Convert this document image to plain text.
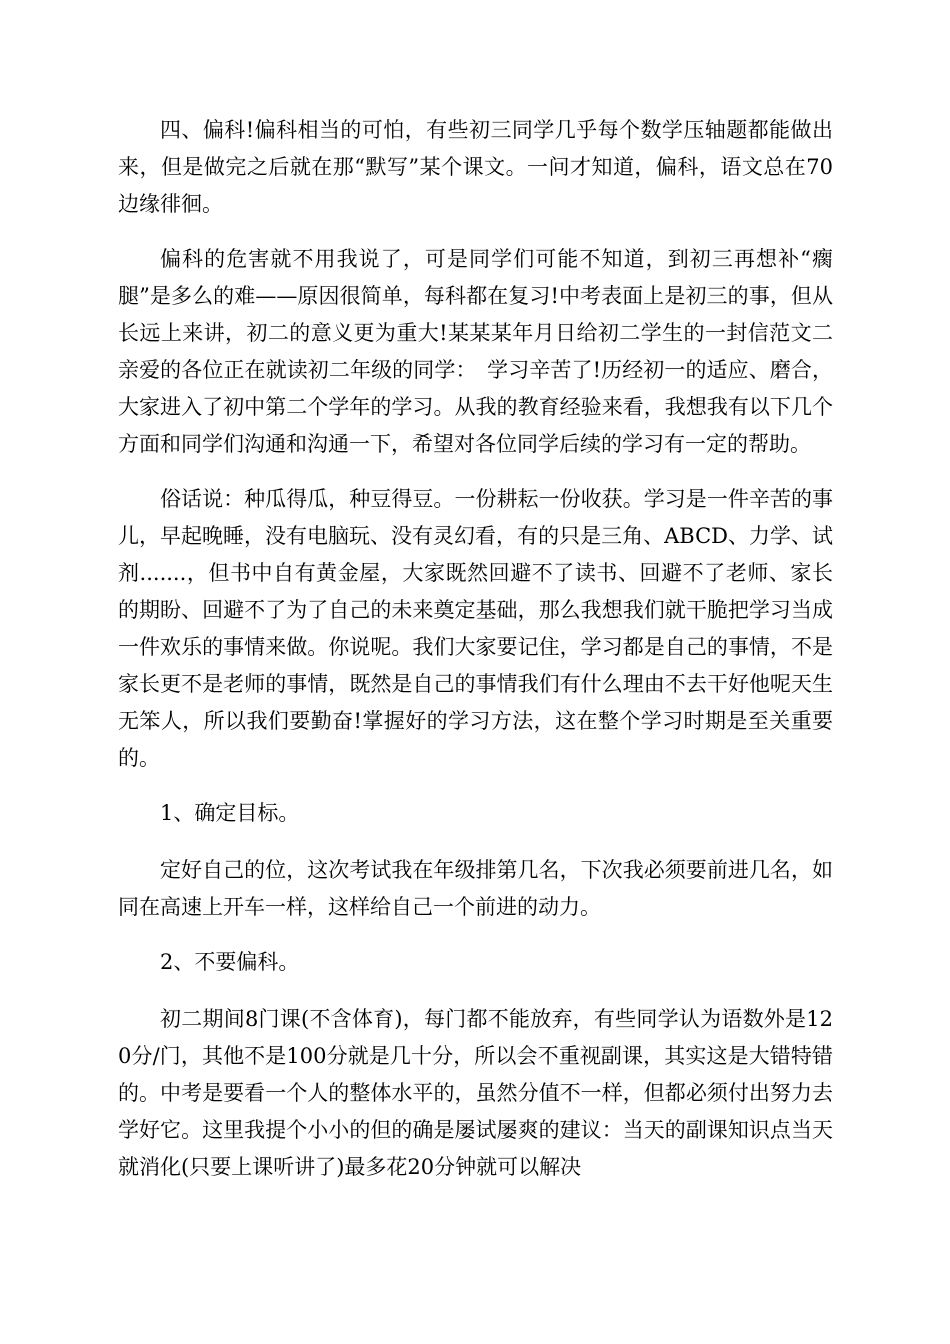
四、偏科!偏科相当的可怕，有些初三同学几乎每个数学压轴题都能做出来，但是做完之后就在那“默写”某个课文。一问才知道，偏科，语文总在70边缘徘徊。

偏科的危害就不用我说了，可是同学们可能不知道，到初三再想补“瘸腿”是多么的难——原因很简单，每科都在复习!中考表面上是初三的事，但从长远上来讲，初二的意义更为重大!某某某年月日给初二学生的一封信范文二亲爱的各位正在就读初二年级的同学：　学习辛苦了!历经初一的适应、磨合，大家进入了初中第二个学年的学习。从我的教育经验来看，我想我有以下几个方面和同学们沟通和沟通一下，希望对各位同学后续的学习有一定的帮助。

俗话说：种瓜得瓜，种豆得豆。一份耕耘一份收获。学习是一件辛苦的事儿，早起晚睡，没有电脑玩、没有灵幻看，有的只是三角、ABCD、力学、试剂.......，但书中自有黄金屋，大家既然回避不了读书、回避不了老师、家长的期盼、回避不了为了自己的未来奠定基础，那么我想我们就干脆把学习当成一件欢乐的事情来做。你说呢。我们大家要记住，学习都是自己的事情，不是家长更不是老师的事情，既然是自己的事情我们有什么理由不去干好他呢天生无笨人，所以我们要勤奋!掌握好的学习方法，这在整个学习时期是至关重要的。

1、确定目标。

定好自己的位，这次考试我在年级排第几名，下次我必须要前进几名，如同在高速上开车一样，这样给自己一个前进的动力。

2、不要偏科。

初二期间8门课(不含体育)，每门都不能放弃，有些同学认为语数外是120分/门，其他不是100分就是几十分，所以会不重视副课，其实这是大错特错的。中考是要看一个人的整体水平的，虽然分值不一样，但都必须付出努力去学好它。这里我提个小小的但的确是屡试屡爽的建议：当天的副课知识点当天就消化(只要上课听讲了)最多花20分钟就可以解决
